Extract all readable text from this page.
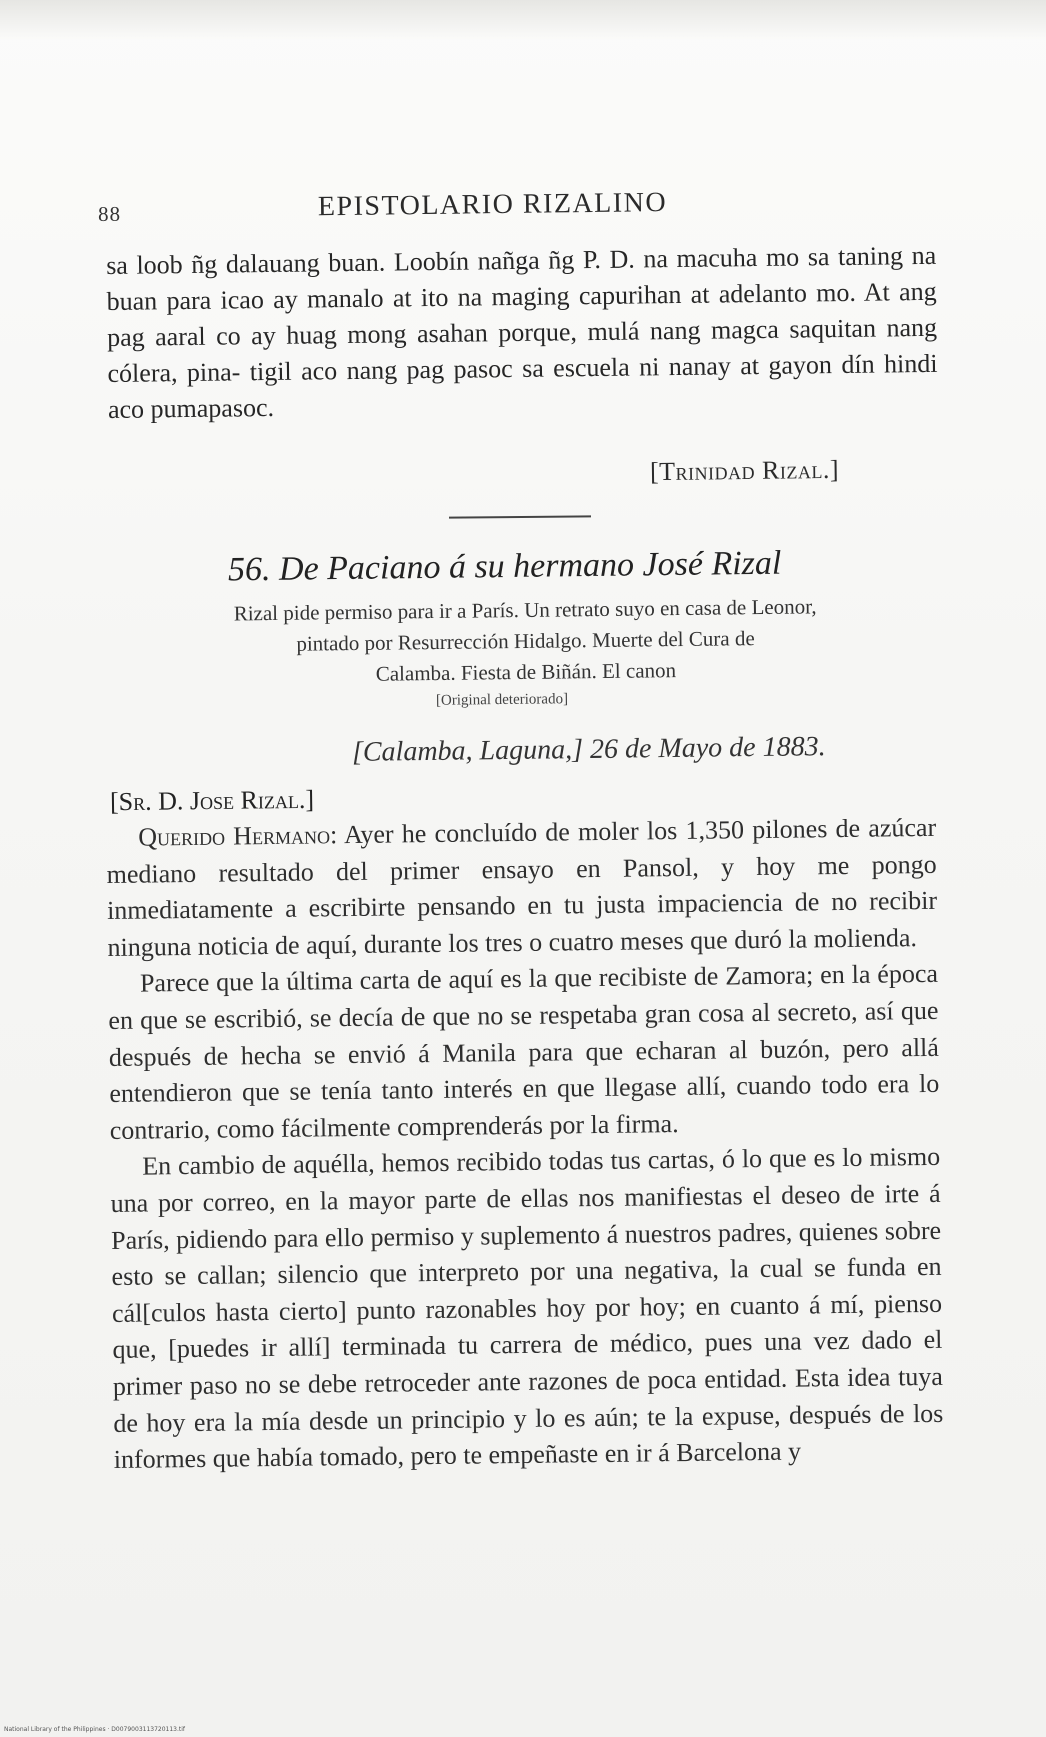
88	EPISTOLARIO RIZALINO

sa loob ñg dalauang buan. Loobín nañga ñg P. D. na macuha mo sa taning na buan para icao ay manalo at ito na maging capurihan at adelanto mo. At ang pag aaral co ay huag mong asahan porque, mulá nang magca saquitan nang cólera, pina- tigil aco nang pag pasoc sa escuela ni nanay at gayon dín hindi aco pumapasoc.

[Trinidad Rizal.]
56. De Paciano á su hermano José Rizal

Rizal pide permiso para ir a París. Un retrato suyo en casa de Leonor,

pintado por Resurrección Hidalgo. Muerte del Cura de

Calamba. Fiesta de Biñán. El canon

[Original deteriorado]
[Calamba, Laguna,] 26 de Mayo de 1883.
[Sr. D. Jose Rizal.]

Querido Hermano: Ayer he concluído de moler los 1,350 pilones de azúcar mediano resultado del primer ensayo en Pansol, y hoy me pongo inmediatamente a escribirte pensando en tu justa impaciencia de no recibir ninguna noticia de aquí, durante los tres o cuatro meses que duró la molienda.

Parece que la última carta de aquí es la que recibiste de Zamora; en la época en que se escribió, se decía de que no se respetaba gran cosa al secreto, así que después de hecha se envió á Manila para que echaran al buzón, pero allá entendieron que se tenía tanto interés en que llegase allí, cuando todo era lo contrario, como fácilmente comprenderás por la firma.

En cambio de aquélla, hemos recibido todas tus cartas, ó lo que es lo mismo una por correo, en la mayor parte de ellas nos manifiestas el deseo de irte á París, pidiendo para ello permiso y suplemento á nuestros padres, quienes sobre esto se callan; silencio que interpreto por una negativa, la cual se funda en cál[culos hasta cierto] punto razonables hoy por hoy; en cuanto á mí, pienso que, [puedes ir allí] terminada tu carrera de médico, pues una vez dado el primer paso no se debe retroceder ante razones de poca entidad. Esta idea tuya de hoy era la mía desde un principio y lo es aún; te la expuse, después de los informes que había tomado, pero te empeñaste en ir á Barcelona y

National Library of the Philippines · D0079003113720113.tif
